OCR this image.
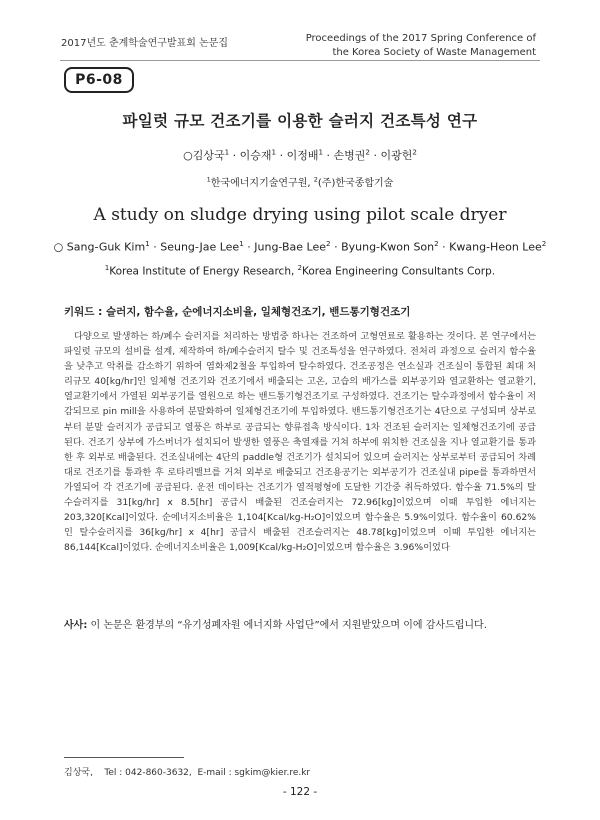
2017년도 춘계학술연구발표회 논문집	Proceedings of the 2017 Spring Conference of
the Korea Society of Waste Management
P6-08
파일럿 규모 건조기를 이용한 슬러지 건조특성 연구
○김상국$^1$ · 이승재$^1$ · 이정배$^1$ · 손병권$^2$ · 이광헌$^2$
$^1$한국에너지기술연구원, $^2$(주)한국종합기술
A study on sludge drying using pilot scale dryer
○ Sang-Guk Kim$^1$ · Seung-Jae Lee$^1$ · Jung-Bae Lee$^2$ · Byung-Kwon Son$^2$ · Kwang-Heon Lee$^2$
$^1$Korea Institute of Energy Research, $^2$Korea Engineering Consultants Corp.
키워드 : 슬러지, 함수율, 순에너지소비율, 일체형건조기, 밴드통기형건조기

다양으로 발생하는 하/폐수 슬러지를 처리하는 방법중 하나는 건조하여 고형연료로 활용하는 것이다. 본 연구에서는 파일럿 규모의 설비를 설계, 제작하여 하/폐수슬러지 탈수 및 건조특성을 연구하였다. 전처리 과정으로 슬러지 함수율을 낮추고 악취를 감소하기 위하여 염화제2철을 투입하여 탈수하였다. 건조공정은 연소실과 건조실이 통합된 최대 처리규모 40[kg/hr]인 일체형 건조기와 건조기에서 배출되는 고온, 고습의 배가스를 외부공기와 열교환하는 열교환기, 열교환기에서 가열된 외부공기를 열원으로 하는 밴드통기형건조기로 구성하였다. 건조기는 탈수과정에서 함수율이 저감되므로 pin mill을 사용하여 분말화하여 일체형건조기에 투입하였다. 밴드통기형건조기는 4단으로 구성되며 상부로부터 분말 슬러지가 공급되고 열풍은 하부로 공급되는 향류접촉 방식이다. 1차 건조된 슬러지는 일체형건조기에 공급된다. 건조기 상부에 가스버너가 설치되어 발생한 열풍은 축열재를 거쳐 하부에 위치한 건조실을 지나 열교환기를 통과한 후 외부로 배출된다. 건조실내에는 4단의 paddle형 건조기가 설치되어 있으며 슬러지는 상부로부터 공급되어 차례대로 건조기를 통과한 후 로타리밸브를 거쳐 외부로 배출되고 건조용공기는 외부공기가 건조실내 pipe를 통과하면서 가열되어 각 건조기에 공급된다. 운전 데이타는 건조기가 열적평형에 도달한 기간중 취득하였다. 함수율 71.5%의 탈수슬러지를 31[kg/hr] x 8.5[hr] 공급시 배출된 건조슬러지는 72.96[kg]이었으며 이때 투입한 에너지는 203,320[Kcal]이었다. 순에너지소비율은 1,104[Kcal/kg-H₂O]이었으며 함수율은 5.9%이었다. 함수율이 60.62%인 탈수슬러지를 36[kg/hr] x 4[hr] 공급시 배출된 건조슬러지는 48.78[kg]이었으며 이때 투입한 에너지는 86,144[Kcal]이었다. 순에너지소비율은 1,009[Kcal/kg-H₂O]이었으며 함수율은 3.96%이었다

사사: 이 논문은 환경부의 “유기성폐자원 에너지화 사업단”에서 지원받았으며 이에 감사드립니다.
김상국,    Tel : 042-860-3632,  E-mail : sgkim@kier.re.kr
- 122 -
